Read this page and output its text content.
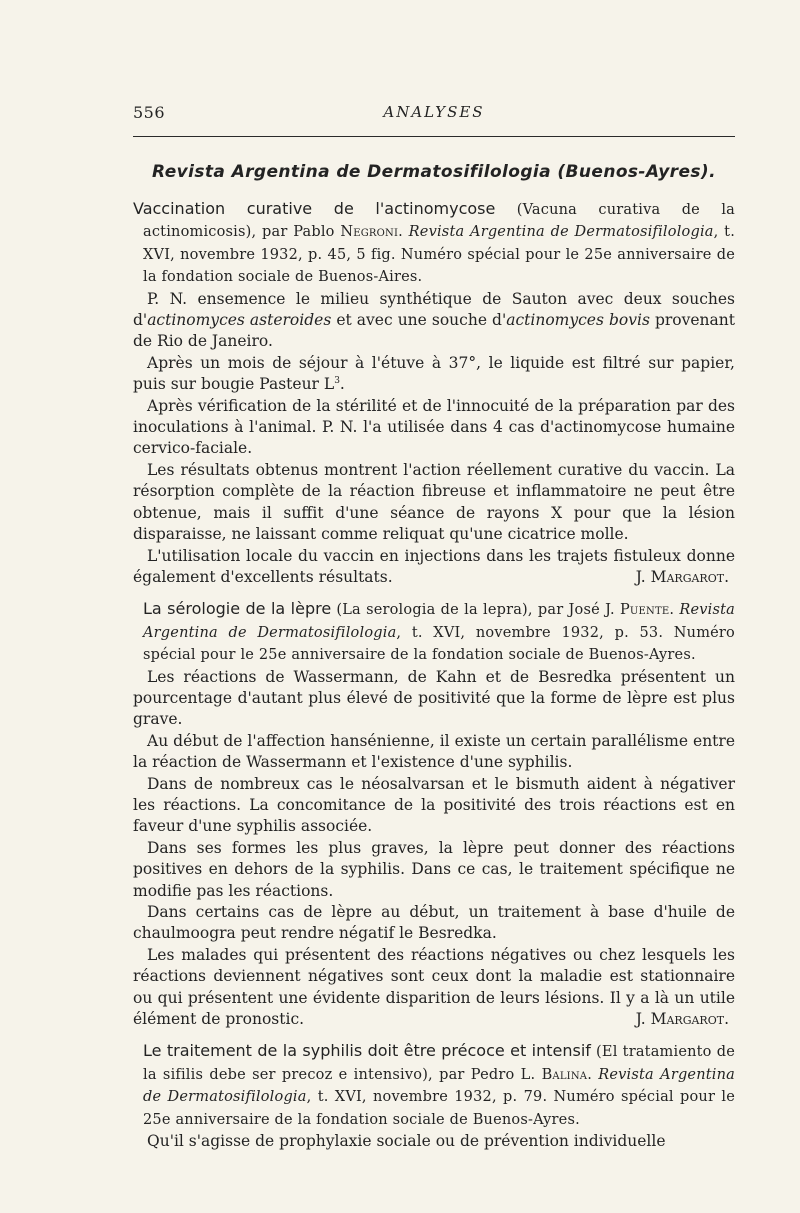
556	ANALYSES
Revista Argentina de Dermatosifilologia (Buenos-Ayres).

Vaccination curative de l'actinomycose (Vacuna curativa de la actinomicosis), par Pablo Negroni. Revista Argentina de Dermatosifilologia, t. XVI, novembre 1932, p. 45, 5 fig. Numéro spécial pour le 25e anniversaire de la fondation sociale de Buenos-Aires.

P. N. ensemence le milieu synthétique de Sauton avec deux souches d'actinomyces asteroides et avec une souche d'actinomyces bovis provenant de Rio de Janeiro.

Après un mois de séjour à l'étuve à 37°, le liquide est filtré sur papier, puis sur bougie Pasteur $L^3$.

Après vérification de la stérilité et de l'innocuité de la préparation par des inoculations à l'animal. P. N. l'a utilisée dans 4 cas d'actinomycose humaine cervico-faciale.

Les résultats obtenus montrent l'action réellement curative du vaccin. La résorption complète de la réaction fibreuse et inflammatoire ne peut être obtenue, mais il suffit d'une séance de rayons X pour que la lésion disparaisse, ne laissant comme reliquat qu'une cicatrice molle.

L'utilisation locale du vaccin en injections dans les trajets fistuleux donne également d'excellents résultats.	J. Margarot.

La sérologie de la lèpre (La serologia de la lepra), par José J. Puente. Revista Argentina de Dermatosifilologia, t. XVI, novembre 1932, p. 53. Numéro spécial pour le 25e anniversaire de la fondation sociale de Buenos-Ayres.

Les réactions de Wassermann, de Kahn et de Besredka présentent un pourcentage d'autant plus élevé de positivité que la forme de lèpre est plus grave.

Au début de l'affection hansénienne, il existe un certain parallélisme entre la réaction de Wassermann et l'existence d'une syphilis.

Dans de nombreux cas le néosalvarsan et le bismuth aident à négativer les réactions. La concomitance de la positivité des trois réactions est en faveur d'une syphilis associée.

Dans ses formes les plus graves, la lèpre peut donner des réactions positives en dehors de la syphilis. Dans ce cas, le traitement spécifique ne modifie pas les réactions.

Dans certains cas de lèpre au début, un traitement à base d'huile de chaulmoogra peut rendre négatif le Besredka.

Les malades qui présentent des réactions négatives ou chez lesquels les réactions deviennent négatives sont ceux dont la maladie est stationnaire ou qui présentent une évidente disparition de leurs lésions. Il y a là un utile élément de pronostic.	J. Margarot.

Le traitement de la syphilis doit être précoce et intensif (El tratamiento de la sifilis debe ser precoz e intensivo), par Pedro L. Balina. Revista Argentina de Dermatosifilologia, t. XVI, novembre 1932, p. 79. Numéro spécial pour le 25e anniversaire de la fondation sociale de Buenos-Ayres.

Qu'il s'agisse de prophylaxie sociale ou de prévention individuelle
